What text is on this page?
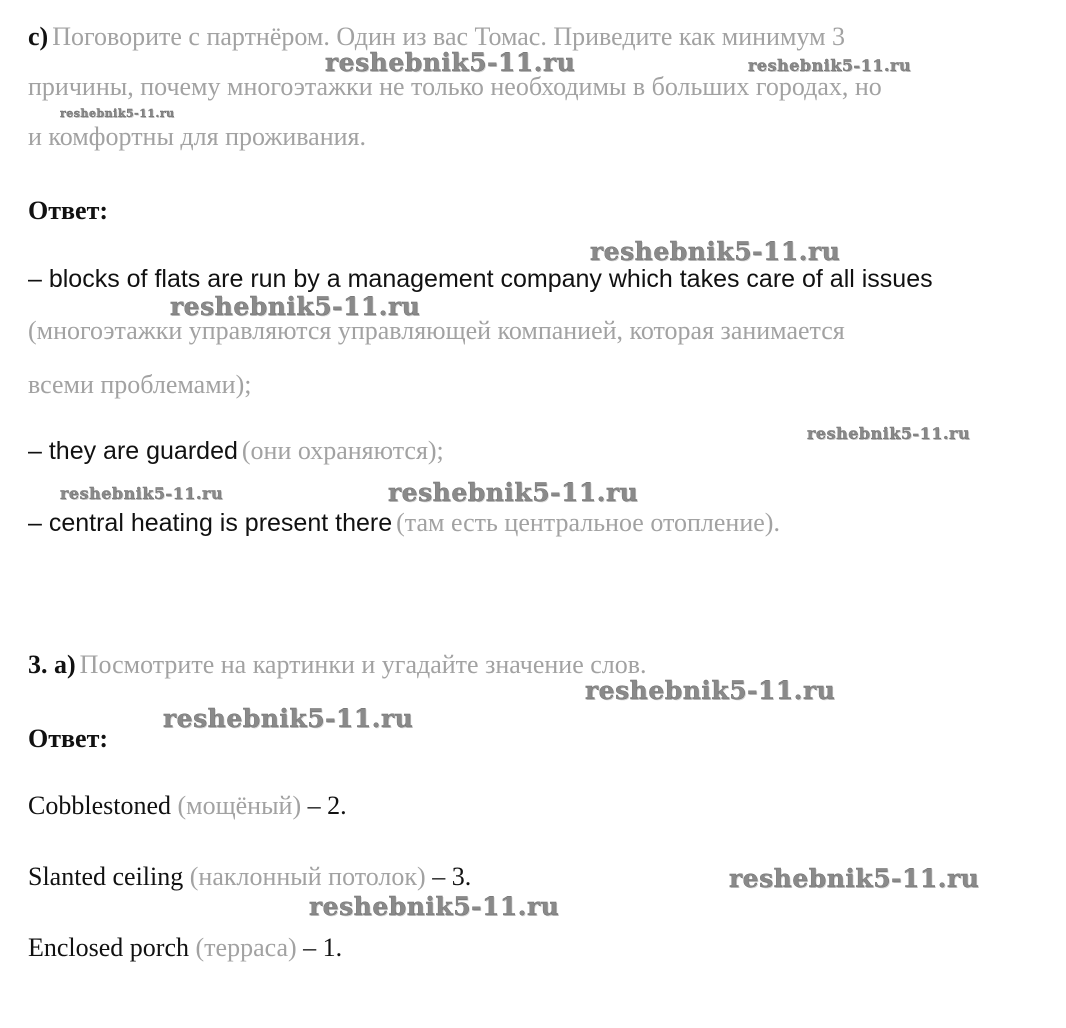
c) Поговорите с партнёром. Один из вас Томас. Приведите как минимум 3
причины, почему многоэтажки не только необходимы в больших городах, но
и комфортны для проживания.
Ответ:
– blocks of flats are run by a management company which takes care of all issues
(многоэтажки управляются управляющей компанией, которая занимается
всеми проблемами);
– they are guarded (они охраняются);
– central heating is present there (там есть центральное отопление).
3. а) Посмотрите на картинки и угадайте значение слов.
Ответ:
Cobblestoned (мощёный) – 2.
Slanted ceiling (наклонный потолок) – 3.
Enclosed porch (терраса) – 1.
reshebnik5-11.ru	reshebnik5-11.ru
reshebnik5-11.ru
reshebnik5-11.ru
reshebnik5-11.ru
reshebnik5-11.ru
reshebnik5-11.ru	reshebnik5-11.ru
reshebnik5-11.ru
reshebnik5-11.ru
reshebnik5-11.ru
reshebnik5-11.ru
